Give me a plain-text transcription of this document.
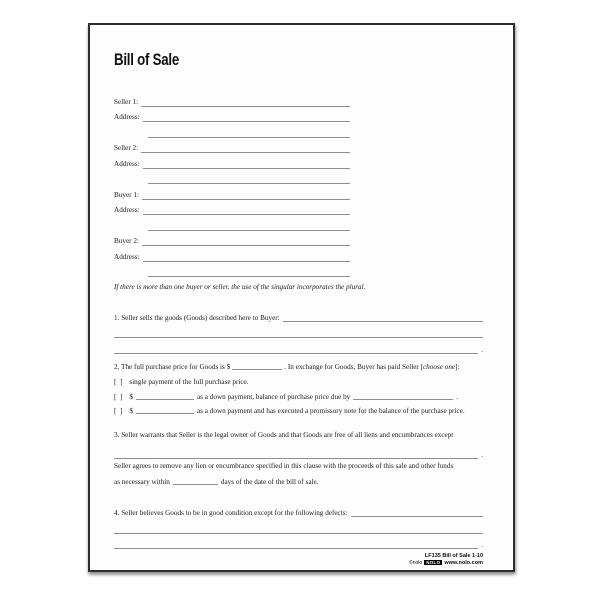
Bill of Sale
Seller 1:
Address:
Seller 2:
Address:
Buyer 1:
Address:
Buyer 2:
Address:
If there is more than one buyer or seller, the use of the singular incorporates the plural.
1. Seller sells the goods (Goods) described here to Buyer:
.
2. The full purchase price for Goods is $	. In exchange for Goods, Buyer has paid Seller [choose one]:
[  ] single payment of the full purchase price.
[  ] $	as a down payment, balance of purchase price due by	.
[  ] $	as a down payment and has executed a promissory note for the balance of the purchase price.
3. Seller warrants that Seller is the legal owner of Goods and that Goods are free of all liens and encumbrances except
.
Seller agrees to remove any lien or encumbrance specified in this clause with the proceeds of this sale and other funds
as necessary within	days of the date of the bill of sale.
4. Seller believes Goods to be in good condition except for the following defects:
.
LF135 Bill of Sale 1-10
©nolo NOLO www.nolo.com
